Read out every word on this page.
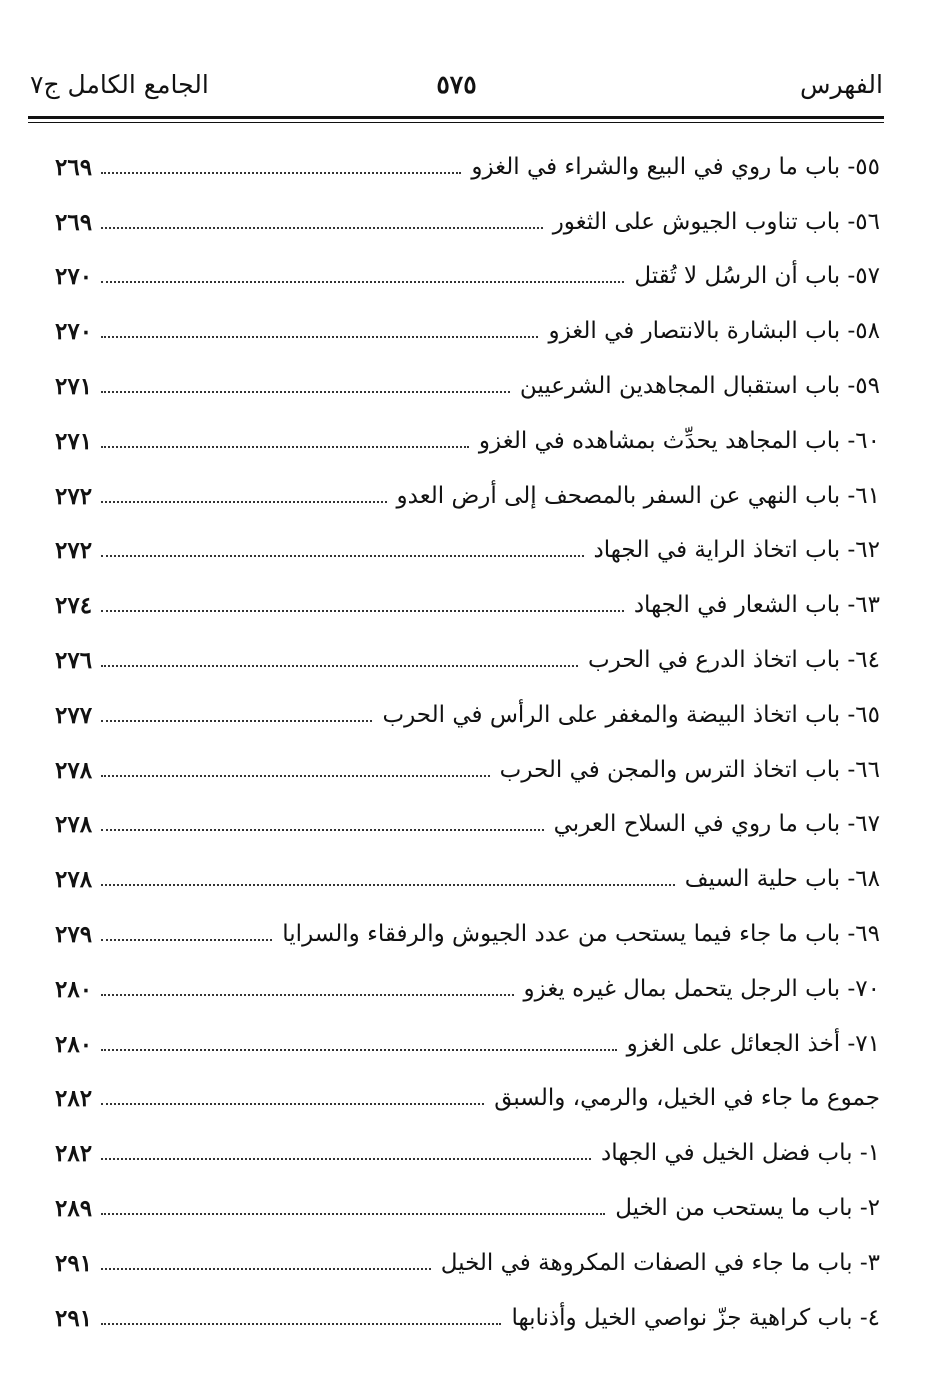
الفهرس
٥٧٥
الجامع الكامل ج٧
٥٥- باب ما روي في البيع والشراء في الغزو
٢٦٩
٥٦- باب تناوب الجيوش على الثغور
٢٦٩
٥٧- باب أن الرسُل لا تُقتل
٢٧٠
٥٨- باب البشارة بالانتصار في الغزو
٢٧٠
٥٩- باب استقبال المجاهدين الشرعيين
٢٧١
٦٠- باب المجاهد يحدِّث بمشاهده في الغزو
٢٧١
٦١- باب النهي عن السفر بالمصحف إلى أرض العدو
٢٧٢
٦٢- باب اتخاذ الراية في الجهاد
٢٧٢
٦٣- باب الشعار في الجهاد
٢٧٤
٦٤- باب اتخاذ الدرع في الحرب
٢٧٦
٦٥- باب اتخاذ البيضة والمغفر على الرأس في الحرب
٢٧٧
٦٦- باب اتخاذ الترس والمجن في الحرب
٢٧٨
٦٧- باب ما روي في السلاح العربي
٢٧٨
٦٨- باب حلية السيف
٢٧٨
٦٩- باب ما جاء فيما يستحب من عدد الجيوش والرفقاء والسرايا
٢٧٩
٧٠- باب الرجل يتحمل بمال غيره يغزو
٢٨٠
٧١- أخذ الجعائل على الغزو
٢٨٠
جموع ما جاء في الخيل، والرمي، والسبق
٢٨٢
١- باب فضل الخيل في الجهاد
٢٨٢
٢- باب ما يستحب من الخيل
٢٨٩
٣- باب ما جاء في الصفات المكروهة في الخيل
٢٩١
٤- باب كراهية جزّ نواصي الخيل وأذنابها
٢٩١
